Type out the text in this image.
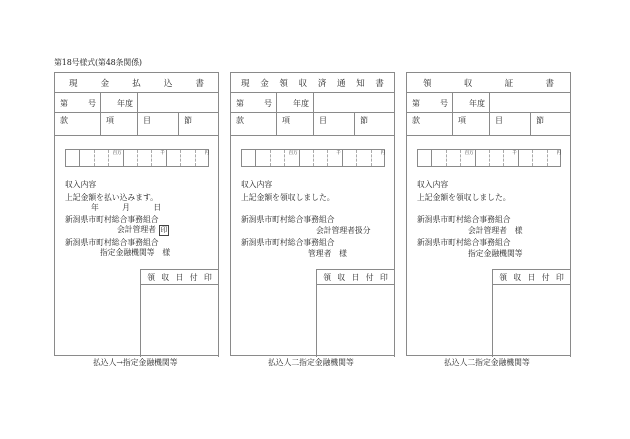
第18号様式(第48条関係)
現	金	払	込	書
第	号	年度
款	項	目	節
百万	千	円
収入内容
上記金額を払い込みます。
年　　　月　　　日
新潟県市町村総合事務組合
会計管理者 印
新潟県市町村総合事務組合
指定金融機関等　様
領 収 日 付 印
払込人→指定金融機関等
現 金 領 収 済 通 知 書
第	号	年度
款	項	目	節
百万	千	円
収入内容
上記金額を領収しました。
新潟県市町村総合事務組合
会計管理者扱分
新潟県市町村総合事務組合
管理者　様
領 収 日 付 印
払込人⼆指定金融機関等
領	収	証	書
第	号	年度
款	項	目	節
百万	千	円
収入内容
上記金額を領収しました。
新潟県市町村総合事務組合
会計管理者　様
新潟県市町村総合事務組合
指定金融機関等
領 収 日 付 印
払込人⼆指定金融機関等
